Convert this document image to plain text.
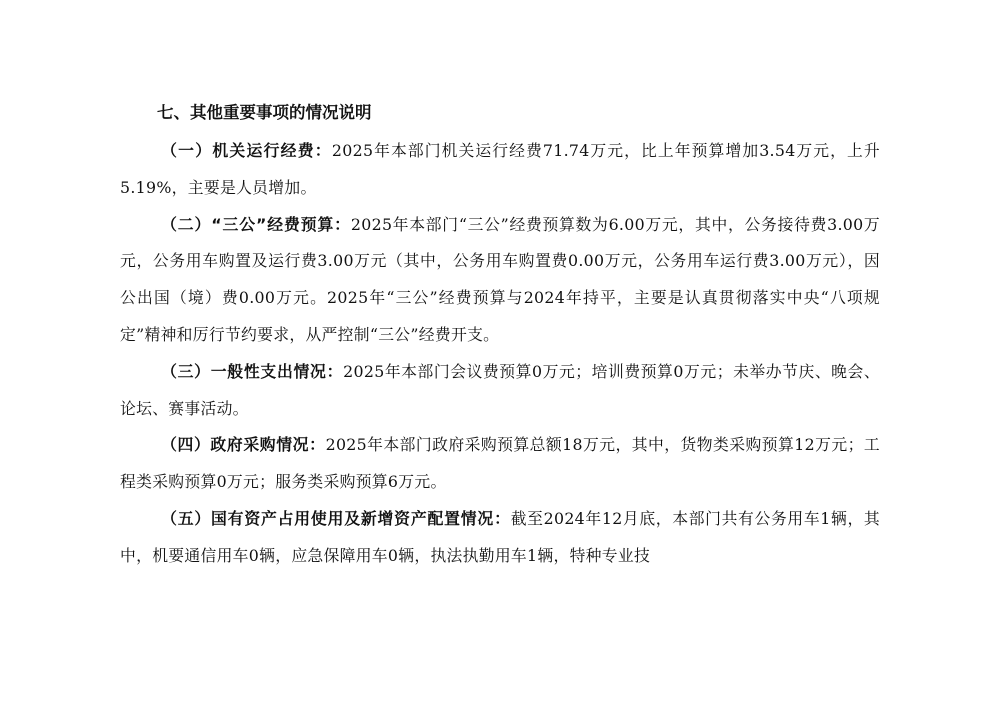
七、其他重要事项的情况说明

（一）机关运行经费：2025年本部门机关运行经费71.74万元，比上年预算增加3.54万元，上升5.19%，主要是人员增加。

（二）“三公”经费预算：2025年本部门“三公”经费预算数为6.00万元，其中，公务接待费3.00万元，公务用车购置及运行费3.00万元（其中，公务用车购置费0.00万元，公务用车运行费3.00万元），因公出国（境）费0.00万元。2025年“三公”经费预算与2024年持平，主要是认真贯彻落实中央“八项规定”精神和厉行节约要求，从严控制“三公”经费开支。

（三）一般性支出情况：2025年本部门会议费预算0万元；培训费预算0万元；未举办节庆、晚会、论坛、赛事活动。

（四）政府采购情况：2025年本部门政府采购预算总额18万元，其中，货物类采购预算12万元；工程类采购预算0万元；服务类采购预算6万元。

（五）国有资产占用使用及新增资产配置情况：截至2024年12月底，本部门共有公务用车1辆，其中，机要通信用车0辆，应急保障用车0辆，执法执勤用车1辆，特种专业技
